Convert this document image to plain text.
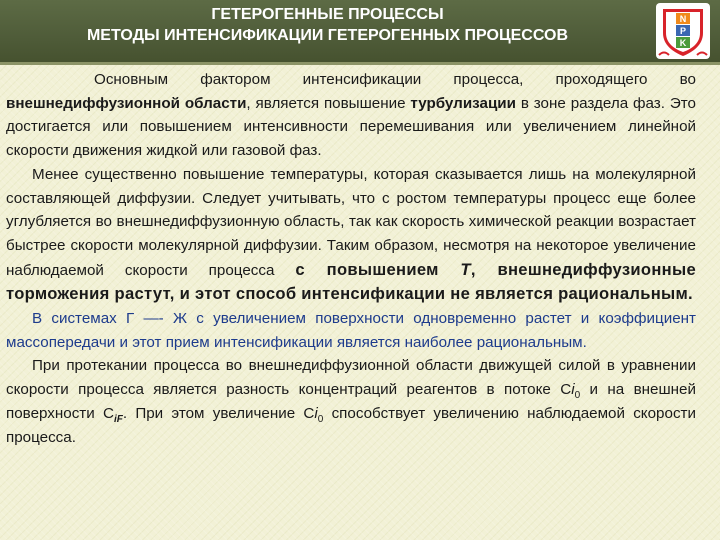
ГЕТЕРОГЕННЫЕ ПРОЦЕССЫ
МЕТОДЫ ИНТЕНСИФИКАЦИИ ГЕТЕРОГЕННЫХ ПРОЦЕССОВ
N
P
K

Основным фактором интенсификации процесса, проходящего во внешнедиффузионной области, является повышение турбулизации в зоне раздела фаз. Это достигается или повышением интенсивности перемешивания или увеличением линейной скорости движения жидкой или газовой фаз.

Менее существенно повышение температуры, которая сказывается лишь на молекулярной составляющей диффузии. Следует учитывать, что с ростом температуры процесс еще более углубляется во внешнедиффузионную область, так как скорость химической реакции возрастает быстрее скорости молекулярной диффузии. Таким образом, несмотря на некоторое увеличение наблюдаемой скорости процесса с повышением Т, внешнедиффузионные торможения растут, и этот способ интенсификации не является рациональным.

В системах Г —- Ж с увеличением поверхности одновременно растет и коэффициент массопередачи и этот прием интенсификации является наиболее рациональным.

При протекании процесса во внешнедиффузионной области движущей силой в уравнении скорости процесса является разность концентраций реагентов в потоке $Сi_0$ и на внешней поверхности $С_{iF}$. При этом увеличение $Сi_0$ способствует увеличению наблюдаемой скорости процесса.
